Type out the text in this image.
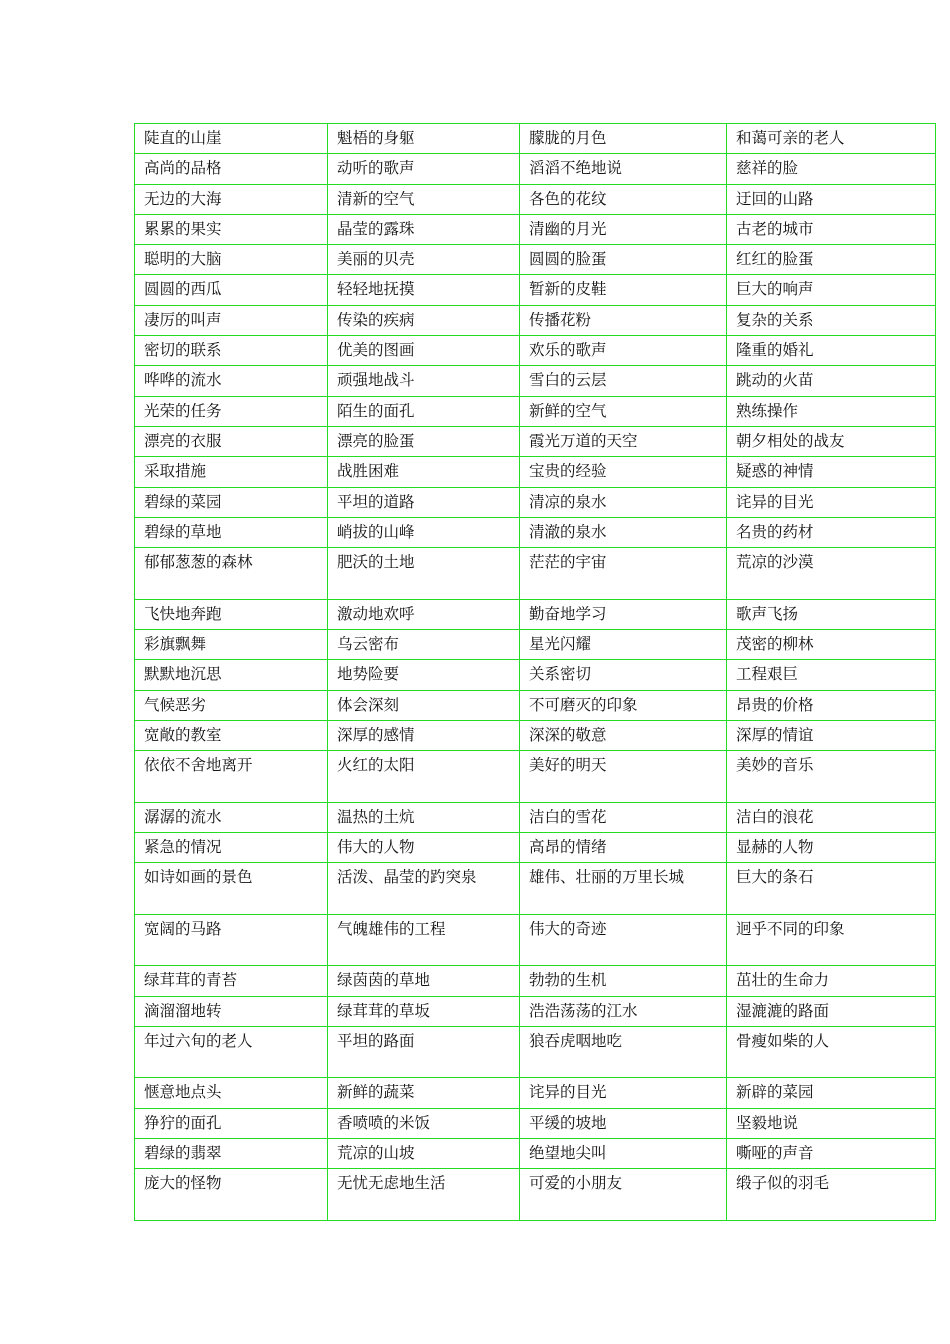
陡直的山崖	魁梧的身躯	朦胧的月色	和蔼可亲的老人
高尚的品格	动听的歌声	滔滔不绝地说	慈祥的脸
无边的大海	清新的空气	各色的花纹	迂回的山路
累累的果实	晶莹的露珠	清幽的月光	古老的城市
聪明的大脑	美丽的贝壳	圆圆的脸蛋	红红的脸蛋
圆圆的西瓜	轻轻地抚摸	暂新的皮鞋	巨大的响声
凄厉的叫声	传染的疾病	传播花粉	复杂的关系
密切的联系	优美的图画	欢乐的歌声	隆重的婚礼
哗哗的流水	顽强地战斗	雪白的云层	跳动的火苗
光荣的任务	陌生的面孔	新鲜的空气	熟练操作
漂亮的衣服	漂亮的脸蛋	霞光万道的天空	朝夕相处的战友
采取措施	战胜困难	宝贵的经验	疑惑的神情
碧绿的菜园	平坦的道路	清凉的泉水	诧异的目光
碧绿的草地	峭拔的山峰	清澈的泉水	名贵的药材
郁郁葱葱的森林	肥沃的土地	茫茫的宇宙	荒凉的沙漠
飞快地奔跑	激动地欢呼	勤奋地学习	歌声飞扬
彩旗飘舞	乌云密布	星光闪耀	茂密的柳林
默默地沉思	地势险要	关系密切	工程艰巨
气候恶劣	体会深刻	不可磨灭的印象	昂贵的价格
宽敞的教室	深厚的感情	深深的敬意	深厚的情谊
依依不舍地离开	火红的太阳	美好的明天	美妙的音乐
潺潺的流水	温热的土炕	洁白的雪花	洁白的浪花
紧急的情况	伟大的人物	高昂的情绪	显赫的人物
如诗如画的景色	活泼、晶莹的趵突泉	雄伟、壮丽的万里长城	巨大的条石
宽阔的马路	气魄雄伟的工程	伟大的奇迹	迥乎不同的印象
绿茸茸的青苔	绿茵茵的草地	勃勃的生机	茁壮的生命力
滴溜溜地转	绿茸茸的草坂	浩浩荡荡的江水	湿漉漉的路面
年过六旬的老人	平坦的路面	狼吞虎咽地吃	骨瘦如柴的人
惬意地点头	新鲜的蔬菜	诧异的目光	新辟的菜园
狰狞的面孔	香喷喷的米饭	平缓的坡地	坚毅地说
碧绿的翡翠	荒凉的山坡	绝望地尖叫	嘶哑的声音
庞大的怪物	无忧无虑地生活	可爱的小朋友	缎子似的羽毛
